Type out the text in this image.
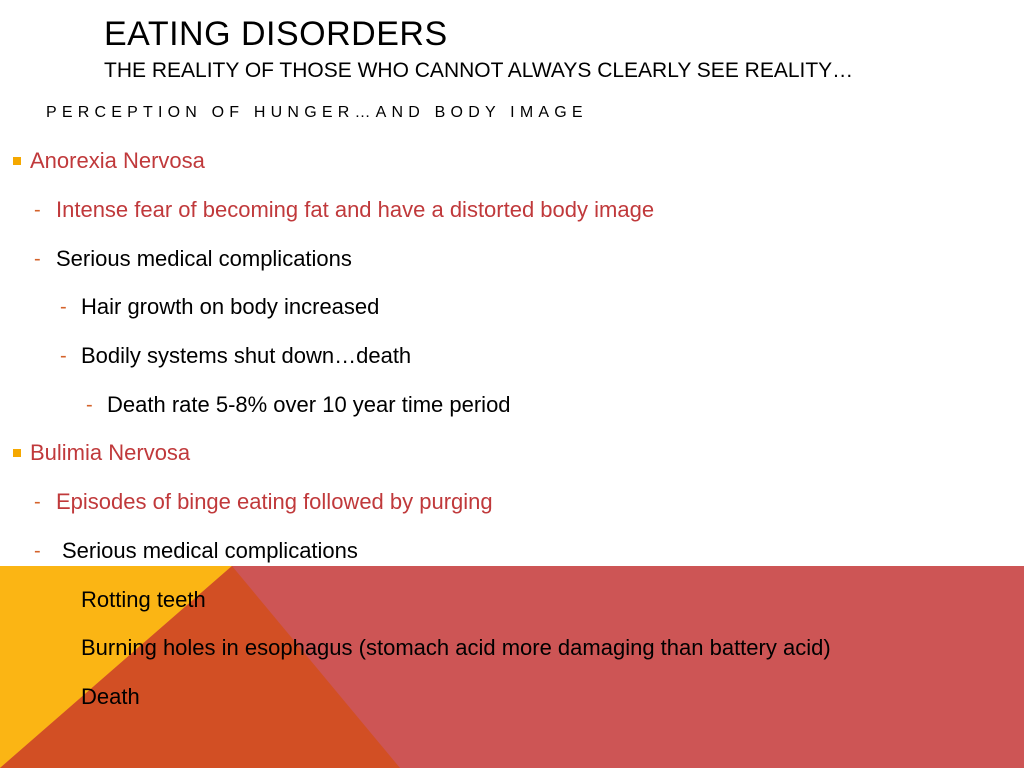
EATING DISORDERS
THE REALITY OF THOSE WHO CANNOT ALWAYS CLEARLY SEE REALITY…
PERCEPTION OF HUNGER…AND BODY IMAGE
Anorexia Nervosa
- Intense fear of becoming fat and have a distorted body image
- Serious medical complications
- Hair growth on body increased
- Bodily systems shut down…death
- Death rate 5-8% over 10 year time period
Bulimia Nervosa
- Episodes of binge eating followed by purging
- Serious medical complications
Rotting teeth
Burning holes in esophagus (stomach acid more damaging than battery acid)
Death
